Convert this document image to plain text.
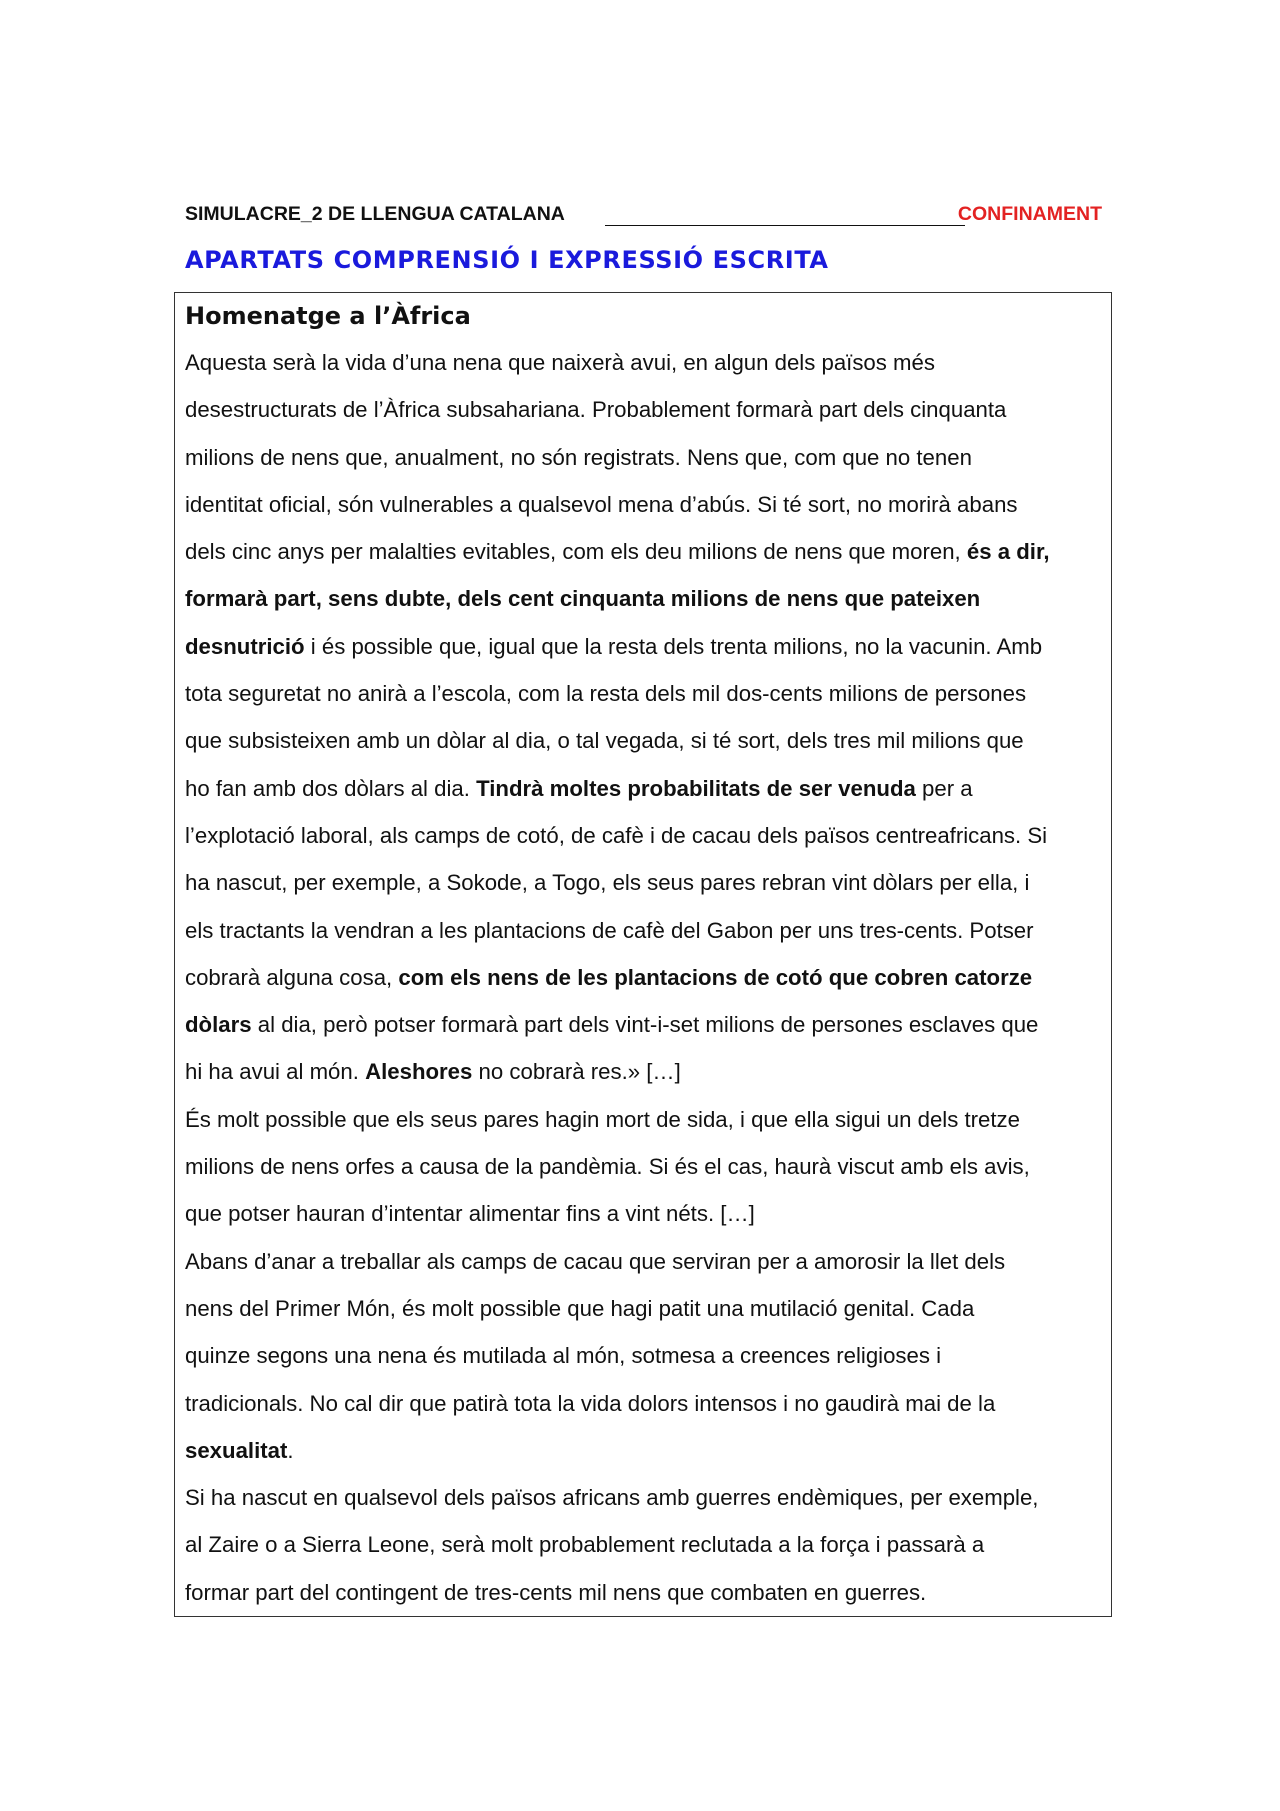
SIMULACRE_2 DE LLENGUA CATALANA	CONFINAMENT
APARTATS COMPRENSIÓ I EXPRESSIÓ ESCRITA
Homenatge a l’Àfrica
Aquesta serà la vida d’una nena que naixerà avui, en algun dels països més
desestructurats de l’Àfrica subsahariana. Probablement formarà part dels cinquanta
milions de nens que, anualment, no són registrats. Nens que, com que no tenen
identitat oficial, són vulnerables a qualsevol mena d’abús. Si té sort, no morirà abans
dels cinc anys per malalties evitables, com els deu milions de nens que moren, és a dir,
formarà part, sens dubte, dels cent cinquanta milions de nens que pateixen
desnutrició i és possible que, igual que la resta dels trenta milions, no la vacunin. Amb
tota seguretat no anirà a l’escola, com la resta dels mil dos-cents milions de persones
que subsisteixen amb un dòlar al dia, o tal vegada, si té sort, dels tres mil milions que
ho fan amb dos dòlars al dia. Tindrà moltes probabilitats de ser venuda per a
l’explotació laboral, als camps de cotó, de cafè i de cacau dels països centreafricans. Si
ha nascut, per exemple, a Sokode, a Togo, els seus pares rebran vint dòlars per ella, i
els tractants la vendran a les plantacions de cafè del Gabon per uns tres-cents. Potser
cobrarà alguna cosa, com els nens de les plantacions de cotó que cobren catorze
dòlars al dia, però potser formarà part dels vint-i-set milions de persones esclaves que
hi ha avui al món. Aleshores no cobrarà res.» […]
És molt possible que els seus pares hagin mort de sida, i que ella sigui un dels tretze
milions de nens orfes a causa de la pandèmia. Si és el cas, haurà viscut amb els avis,
que potser hauran d’intentar alimentar fins a vint néts. […]
Abans d’anar a treballar als camps de cacau que serviran per a amorosir la llet dels
nens del Primer Món, és molt possible que hagi patit una mutilació genital. Cada
quinze segons una nena és mutilada al món, sotmesa a creences religioses i
tradicionals. No cal dir que patirà tota la vida dolors intensos i no gaudirà mai de la
sexualitat.
Si ha nascut en qualsevol dels països africans amb guerres endèmiques, per exemple,
al Zaire o a Sierra Leone, serà molt probablement reclutada a la força i passarà a
formar part del contingent de tres-cents mil nens que combaten en guerres.
